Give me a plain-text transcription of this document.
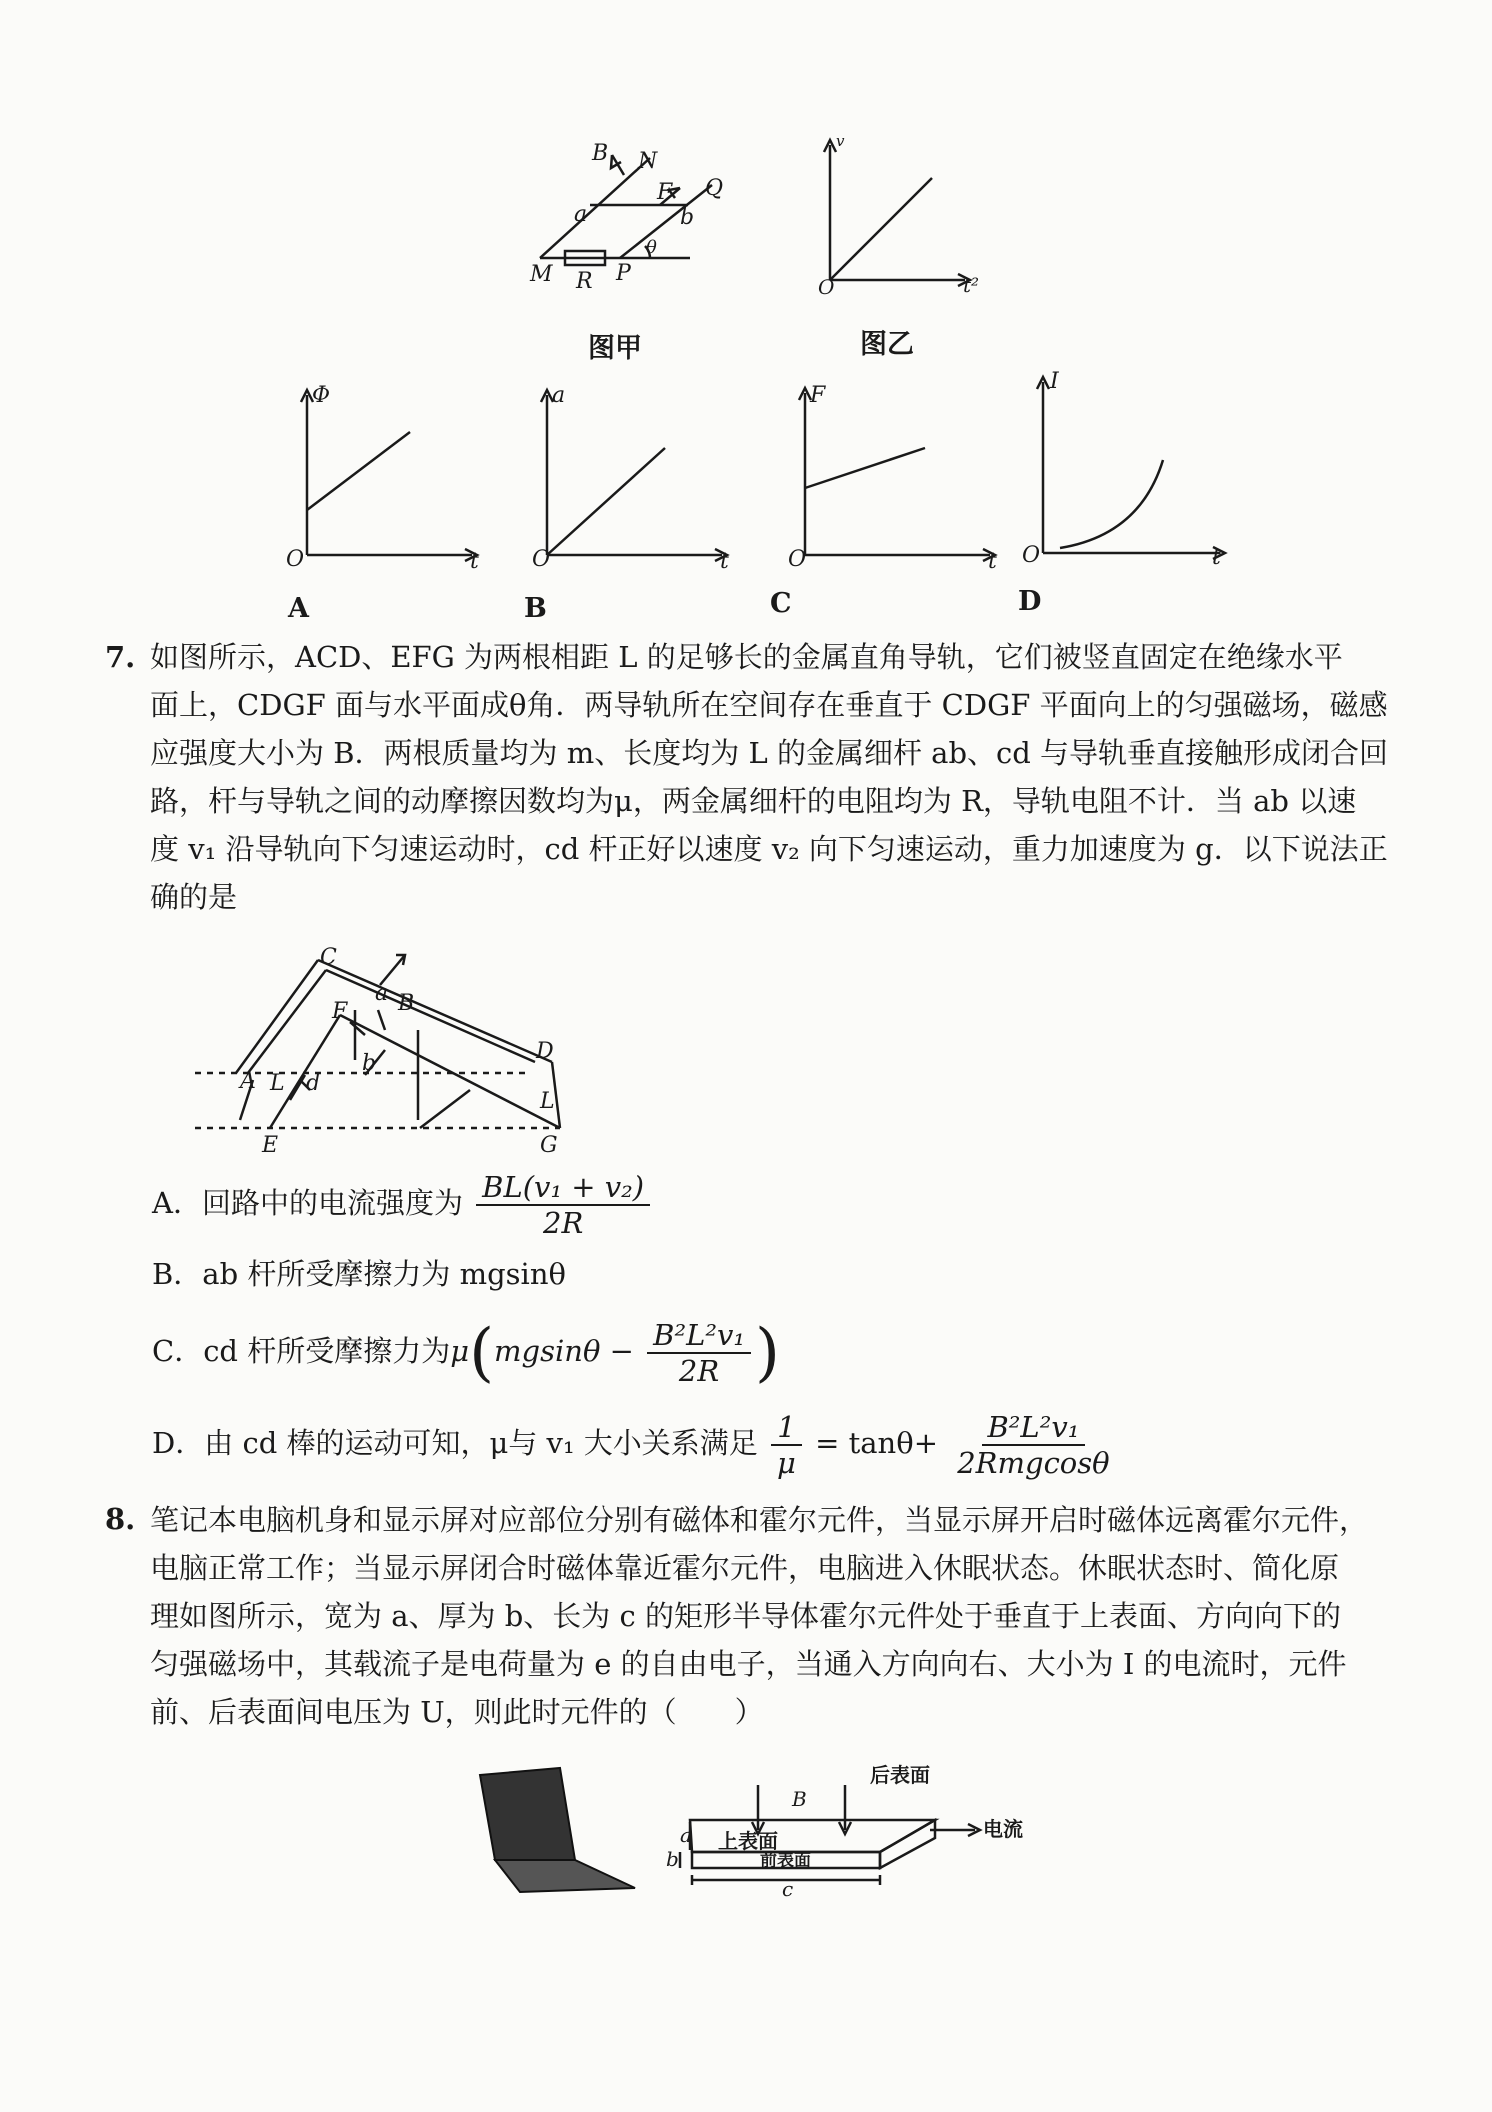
B N
F Q
a	b
θ
M R P
v
O	t²
Φ
O	t
a
O	t
F
O	t
I
O	t
A	B	C	D
C
a B
F
b	D
A L d
L
E	G
后表面
B
上表面
前表面
电流
a
b
c
图甲	图乙
7. 如图所示，ACD、EFG 为两根相距 L 的足够长的金属直角导轨，它们被竖直固定在绝缘水平
面上，CDGF 面与水平面成θ角．两导轨所在空间存在垂直于 CDGF 平面向上的匀强磁场，磁感
应强度大小为 B．两根质量均为 m、长度均为 L 的金属细杆 ab、cd 与导轨垂直接触形成闭合回
路，杆与导轨之间的动摩擦因数均为μ，两金属细杆的电阻均为 R，导轨电阻不计．当 ab 以速
度 v₁ 沿导轨向下匀速运动时，cd 杆正好以速度 v₂ 向下匀速运动，重力加速度为 g．以下说法正
确的是
A．回路中的电流强度为 $\frac{\text{BL(v₁ + v₂)}}{2R}$
B．ab 杆所受摩擦力为 mgsinθ
C．cd 杆所受摩擦力为$\mu(mgsin\theta - \frac{\text{B²L²v₁}}{2R}$ )
D．由 cd 棒的运动可知，μ与 v₁ 大小关系满足 $\frac{1}{\mu} = \tan\theta+ \frac{\text{B²L²v₁}}{\text{2Rmgcosθ}}$
8. 笔记本电脑机身和显示屏对应部位分别有磁体和霍尔元件，当显示屏开启时磁体远离霍尔元件，
电脑正常工作；当显示屏闭合时磁体靠近霍尔元件，电脑进入休眠状态。休眠状态时、简化原
理如图所示，宽为 a、厚为 b、长为 c 的矩形半导体霍尔元件处于垂直于上表面、方向向下的
匀强磁场中，其载流子是电荷量为 e 的自由电子，当通入方向向右、大小为 I 的电流时，元件
前、后表面间电压为 U，则此时元件的（　　）
